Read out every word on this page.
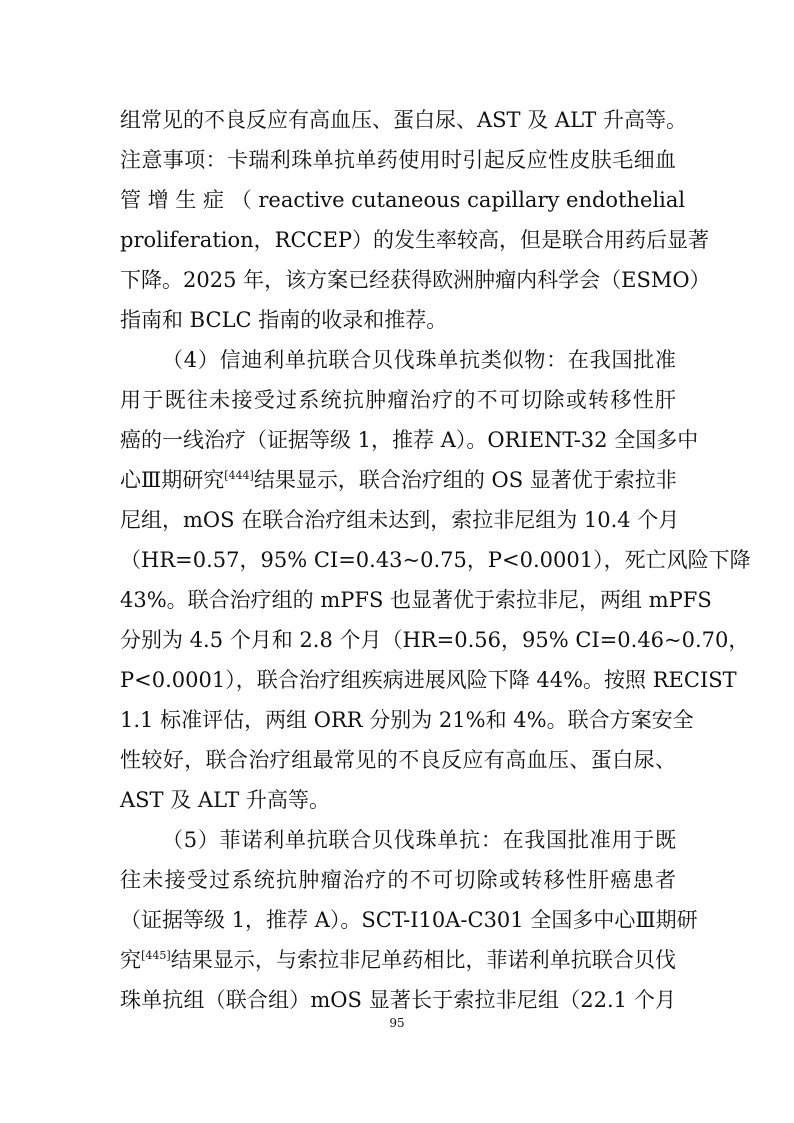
组常见的不良反应有高血压、蛋白尿、AST 及 ALT 升高等。
注意事项：卡瑞利珠单抗单药使用时引起反应性皮肤毛细血
管 增 生 症 （ reactive cutaneous capillary endothelial
proliferation，RCCEP）的发生率较高，但是联合用药后显著
下降。2025 年，该方案已经获得欧洲肿瘤内科学会（ESMO）
指南和 BCLC 指南的收录和推荐。
（4）信迪利单抗联合贝伐珠单抗类似物：在我国批准
用于既往未接受过系统抗肿瘤治疗的不可切除或转移性肝
癌的一线治疗（证据等级 1，推荐 A）。ORIENT-32 全国多中
心Ⅲ期研究[444]结果显示，联合治疗组的 OS 显著优于索拉非
尼组，mOS 在联合治疗组未达到，索拉非尼组为 10.4 个月
（HR=0.57，95% CI=0.43~0.75，P<0.0001），死亡风险下降
43%。联合治疗组的 mPFS 也显著优于索拉非尼，两组 mPFS
分别为 4.5 个月和 2.8 个月（HR=0.56，95% CI=0.46~0.70，
P<0.0001），联合治疗组疾病进展风险下降 44%。按照 RECIST
1.1 标准评估，两组 ORR 分别为 21%和 4%。联合方案安全
性较好，联合治疗组最常见的不良反应有高血压、蛋白尿、
AST 及 ALT 升高等。
（5）菲诺利单抗联合贝伐珠单抗：在我国批准用于既
往未接受过系统抗肿瘤治疗的不可切除或转移性肝癌患者
（证据等级 1，推荐 A）。SCT-I10A-C301 全国多中心Ⅲ期研
究[445]结果显示，与索拉非尼单药相比，菲诺利单抗联合贝伐
珠单抗组（联合组）mOS 显著长于索拉非尼组（22.1 个月
95
